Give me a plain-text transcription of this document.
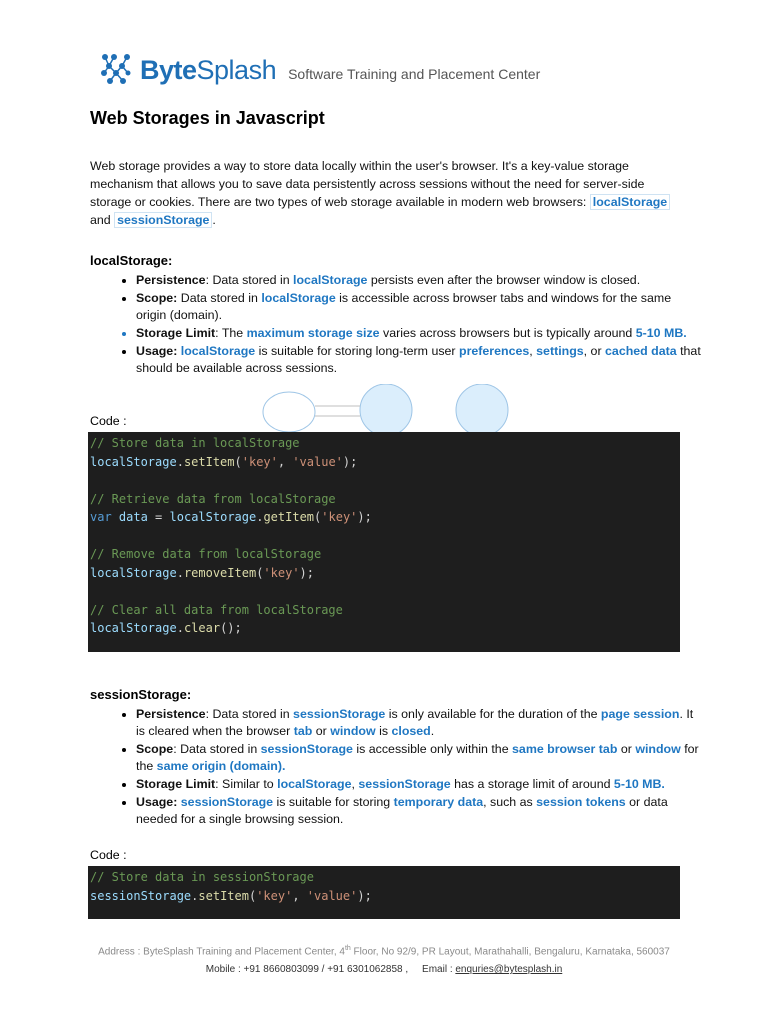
ByteSplash Software Training and Placement Center
Web Storages in Javascript
Web storage provides a way to store data locally within the user's browser. It's a key-value storage mechanism that allows you to save data persistently across sessions without the need for server-side storage or cookies. There are two types of web storage available in modern web browsers: localStorage
and sessionStorage .
localStorage:
• Persistence: Data stored in localStorage persists even after the browser window is closed.
• Scope: Data stored in localStorage is accessible across browser tabs and windows for the same origin (domain).
• Storage Limit: The maximum storage size varies across browsers but is typically around 5-10 MB.
• Usage: localStorage is suitable for storing long-term user preferences, settings, or cached data that should be available across sessions.
Code :
// Store data in localStorage
localStorage.setItem('key', 'value');

// Retrieve data from localStorage
var data = localStorage.getItem('key');

// Remove data from localStorage
localStorage.removeItem('key');

// Clear all data from localStorage
localStorage.clear();
sessionStorage:
• Persistence: Data stored in sessionStorage is only available for the duration of the page session. It is cleared when the browser tab or window is closed.
• Scope: Data stored in sessionStorage is accessible only within the same browser tab or window for the same origin (domain).
• Storage Limit: Similar to localStorage, sessionStorage has a storage limit of around 5-10 MB.
• Usage: sessionStorage is suitable for storing temporary data, such as session tokens or data needed for a single browsing session.
Code :
// Store data in sessionStorage
sessionStorage.setItem('key', 'value');
Address : ByteSplash Training and Placement Center, 4th Floor, No 92/9, PR Layout, Marathahalli, Bengaluru, Karnataka, 560037
Mobile : +91 8660803099 / +91 6301062858 ,     Email : enquries@bytesplash.in
